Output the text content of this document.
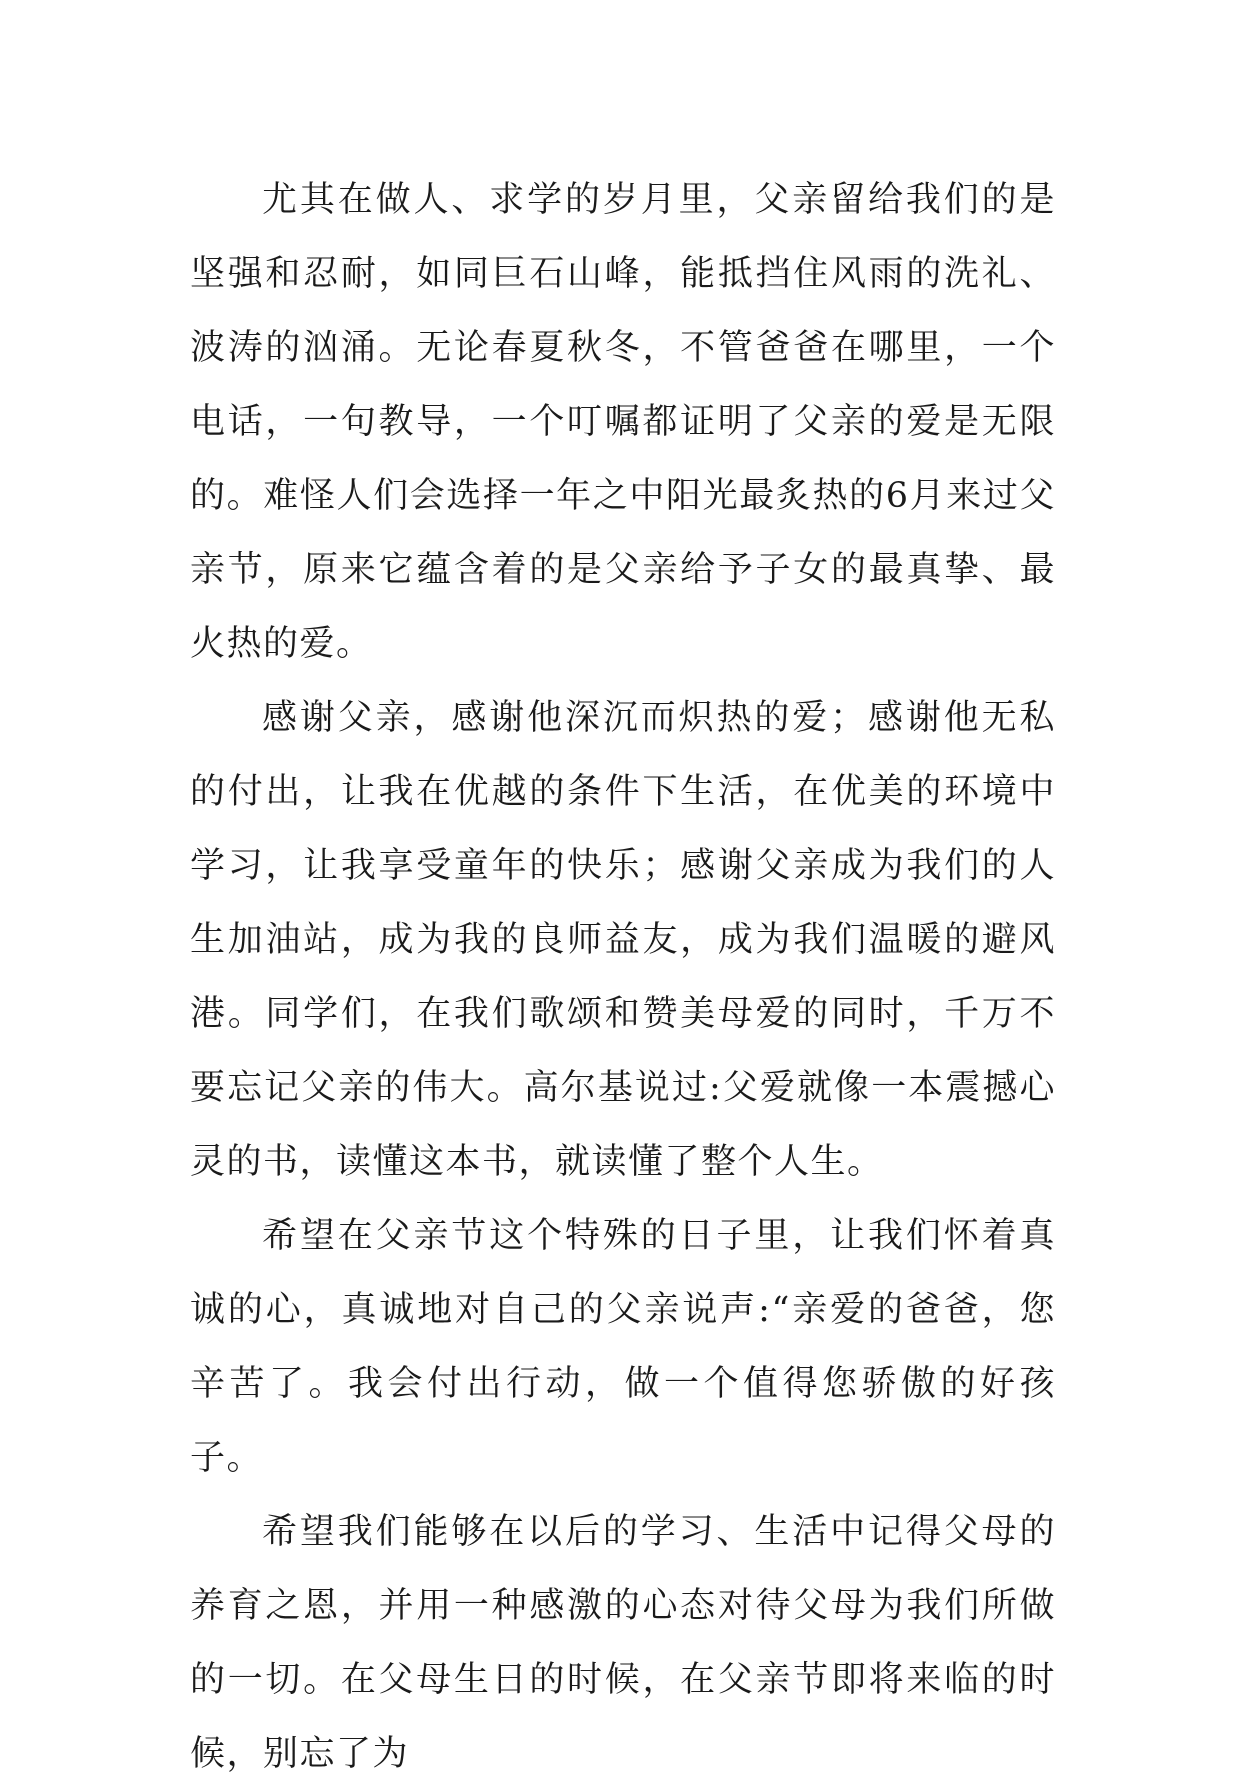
尤其在做人、求学的岁月里，父亲留给我们的是坚强和忍耐，如同巨石山峰，能抵挡住风雨的洗礼、波涛的汹涌。无论春夏秋冬，不管爸爸在哪里，一个电话，一句教导，一个叮嘱都证明了父亲的爱是无限的。难怪人们会选择一年之中阳光最炙热的6月来过父亲节，原来它蕴含着的是父亲给予子女的最真挚、最火热的爱。

感谢父亲，感谢他深沉而炽热的爱；感谢他无私的付出，让我在优越的条件下生活，在优美的环境中学习，让我享受童年的快乐；感谢父亲成为我们的人生加油站，成为我的良师益友，成为我们温暖的避风港。同学们，在我们歌颂和赞美母爱的同时，千万不要忘记父亲的伟大。高尔基说过:父爱就像一本震撼心灵的书，读懂这本书，就读懂了整个人生。

希望在父亲节这个特殊的日子里，让我们怀着真诚的心，真诚地对自己的父亲说声:“亲爱的爸爸，您辛苦了。我会付出行动，做一个值得您骄傲的好孩子。

希望我们能够在以后的学习、生活中记得父母的养育之恩，并用一种感激的心态对待父母为我们所做的一切。在父母生日的时候，在父亲节即将来临的时候，别忘了为
